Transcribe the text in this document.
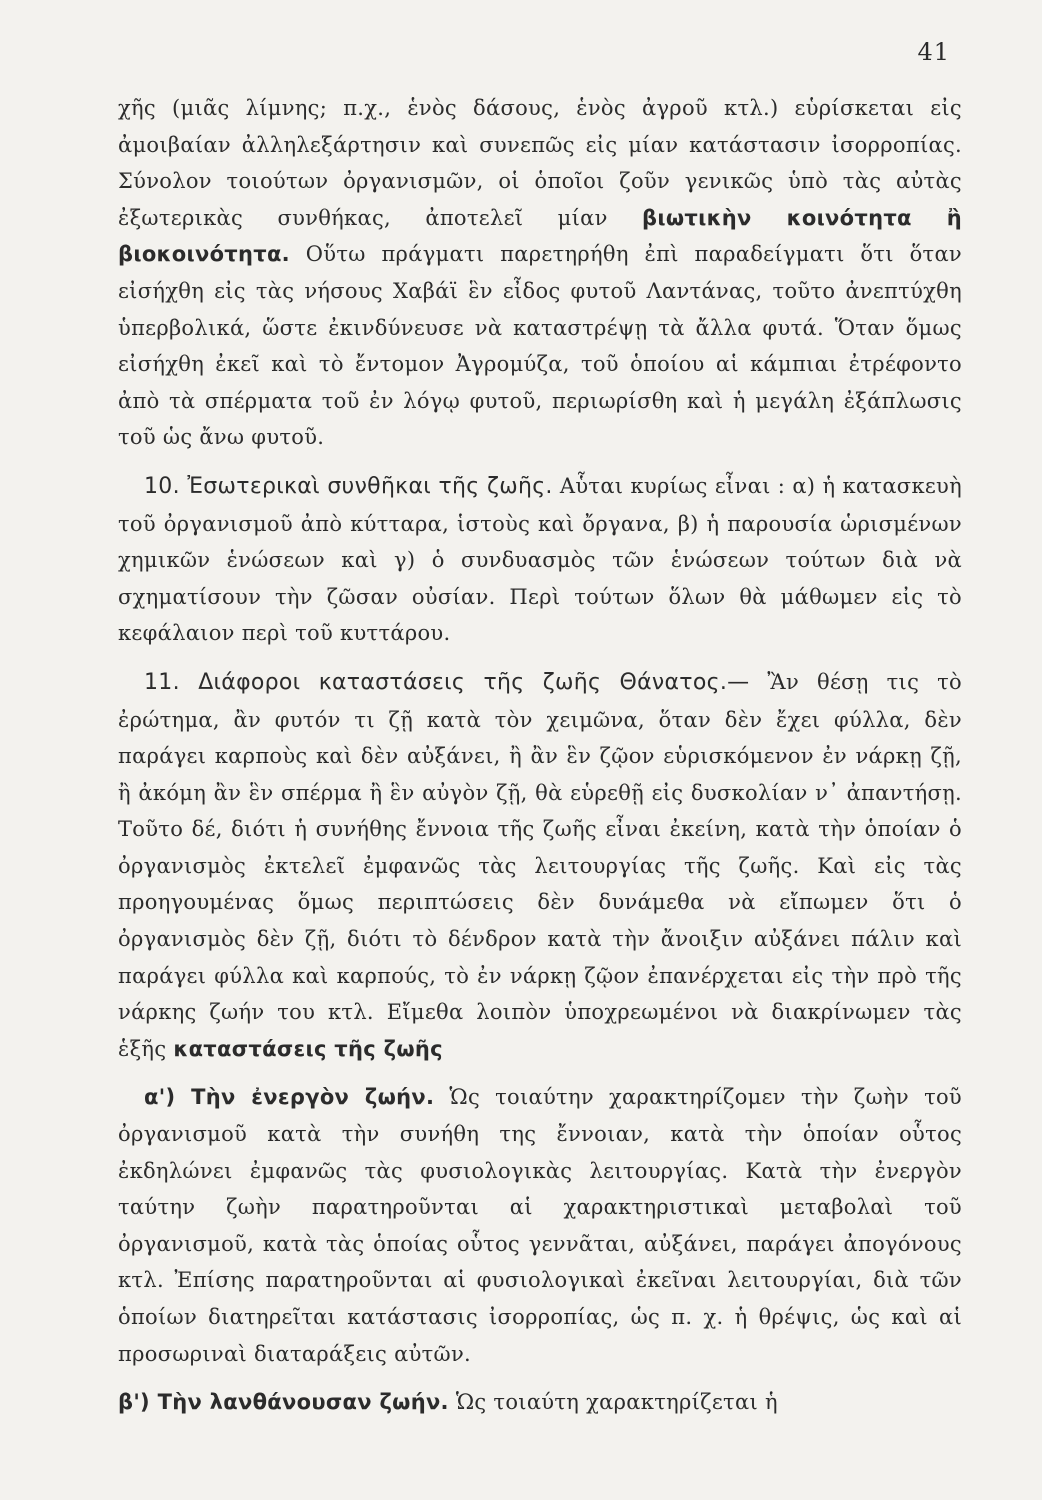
41

χῆς (μιᾶς λίμνης; π.χ., ἑνὸς δάσους, ἑνὸς ἀγροῦ κτλ.) εὑρίσκεται εἰς ἀμοιβαίαν ἀλληλεξάρτησιν καὶ συνεπῶς εἰς μίαν κατάστασιν ἰσορροπίας. Σύνολον τοιούτων ὀργανισμῶν, οἱ ὁποῖοι ζοῦν γενικῶς ὑπὸ τὰς αὐτὰς ἐξωτερικὰς συνθήκας, ἀποτελεῖ μίαν βιωτικὴν κοινότητα ἢ βιοκοινότητα. Οὕτω πράγματι παρετηρήθη ἐπὶ παραδείγματι ὅτι ὅταν εἰσήχθη εἰς τὰς νήσους Χαβάϊ ἓν εἶδος φυτοῦ Λαντάνας, τοῦτο ἀνεπτύχθη ὑπερβολικά, ὥστε ἐκινδύνευσε νὰ καταστρέψῃ τὰ ἄλλα φυτά. Ὅταν ὅμως εἰσήχθη ἐκεῖ καὶ τὸ ἔντομον Ἀγρομύζα, τοῦ ὁποίου αἱ κάμπιαι ἐτρέφοντο ἀπὸ τὰ σπέρματα τοῦ ἐν λόγῳ φυτοῦ, περιωρίσθη καὶ ἡ μεγάλη ἐξάπλωσις τοῦ ὡς ἄνω φυτοῦ.

10. Ἐσωτερικαὶ συνθῆκαι τῆς ζωῆς. Αὗται κυρίως εἶναι : α) ἡ κατασκευὴ τοῦ ὀργανισμοῦ ἀπὸ κύτταρα, ἱστοὺς καὶ ὄργανα, β) ἡ παρουσία ὡρισμένων χημικῶν ἑνώσεων καὶ γ) ὁ συνδυασμὸς τῶν ἑνώσεων τούτων διὰ νὰ σχηματίσουν τὴν ζῶσαν οὐσίαν. Περὶ τούτων ὅλων θὰ μάθωμεν εἰς τὸ κεφάλαιον περὶ τοῦ κυττάρου.

11. Διάφοροι καταστάσεις τῆς ζωῆς Θάνατος.— Ἂν θέσῃ τις τὸ ἐρώτημα, ἂν φυτόν τι ζῇ κατὰ τὸν χειμῶνα, ὅταν δὲν ἔχει φύλλα, δὲν παράγει καρποὺς καὶ δὲν αὐξάνει, ἢ ἂν ἓν ζῷον εὑρισκόμενον ἐν νάρκῃ ζῇ, ἢ ἀκόμη ἂν ἓν σπέρμα ἢ ἓν αὐγὸν ζῇ, θὰ εὑρεθῇ εἰς δυσκολίαν ν᾽ ἀπαντήσῃ. Τοῦτο δέ, διότι ἡ συνήθης ἔννοια τῆς ζωῆς εἶναι ἐκείνη, κατὰ τὴν ὁποίαν ὁ ὀργανισμὸς ἐκτελεῖ ἐμφανῶς τὰς λειτουργίας τῆς ζωῆς. Καὶ εἰς τὰς προηγουμένας ὅμως περιπτώσεις δὲν δυνάμεθα νὰ εἴπωμεν ὅτι ὁ ὀργανισμὸς δὲν ζῇ, διότι τὸ δένδρον κατὰ τὴν ἄνοιξιν αὐξάνει πάλιν καὶ παράγει φύλλα καὶ καρπούς, τὸ ἐν νάρκῃ ζῷον ἐπανέρχεται εἰς τὴν πρὸ τῆς νάρκης ζωήν του κτλ. Εἴμεθα λοιπὸν ὑποχρεωμένοι νὰ διακρίνωμεν τὰς ἑξῆς καταστάσεις τῆς ζωῆς

α') Τὴν ἐνεργὸν ζωήν. Ὡς τοιαύτην χαρακτηρίζομεν τὴν ζωὴν τοῦ ὀργανισμοῦ κατὰ τὴν συνήθη της ἔννοιαν, κατὰ τὴν ὁποίαν οὗτος ἐκδηλώνει ἐμφανῶς τὰς φυσιολογικὰς λειτουργίας. Κατὰ τὴν ἐνεργὸν ταύτην ζωὴν παρατηροῦνται αἱ χαρακτηριστικαὶ μεταβολαὶ τοῦ ὀργανισμοῦ, κατὰ τὰς ὁποίας οὗτος γεννᾶται, αὐξάνει, παράγει ἀπογόνους κτλ. Ἐπίσης παρατηροῦνται αἱ φυσιολογικαὶ ἐκεῖναι λειτουργίαι, διὰ τῶν ὁποίων διατηρεῖται κατάστασις ἰσορροπίας, ὡς π. χ. ἡ θρέψις, ὡς καὶ αἱ προσωριναὶ διαταράξεις αὐτῶν.

β') Τὴν λανθάνουσαν ζωήν. Ὡς τοιαύτη χαρακτηρίζεται ἡ
